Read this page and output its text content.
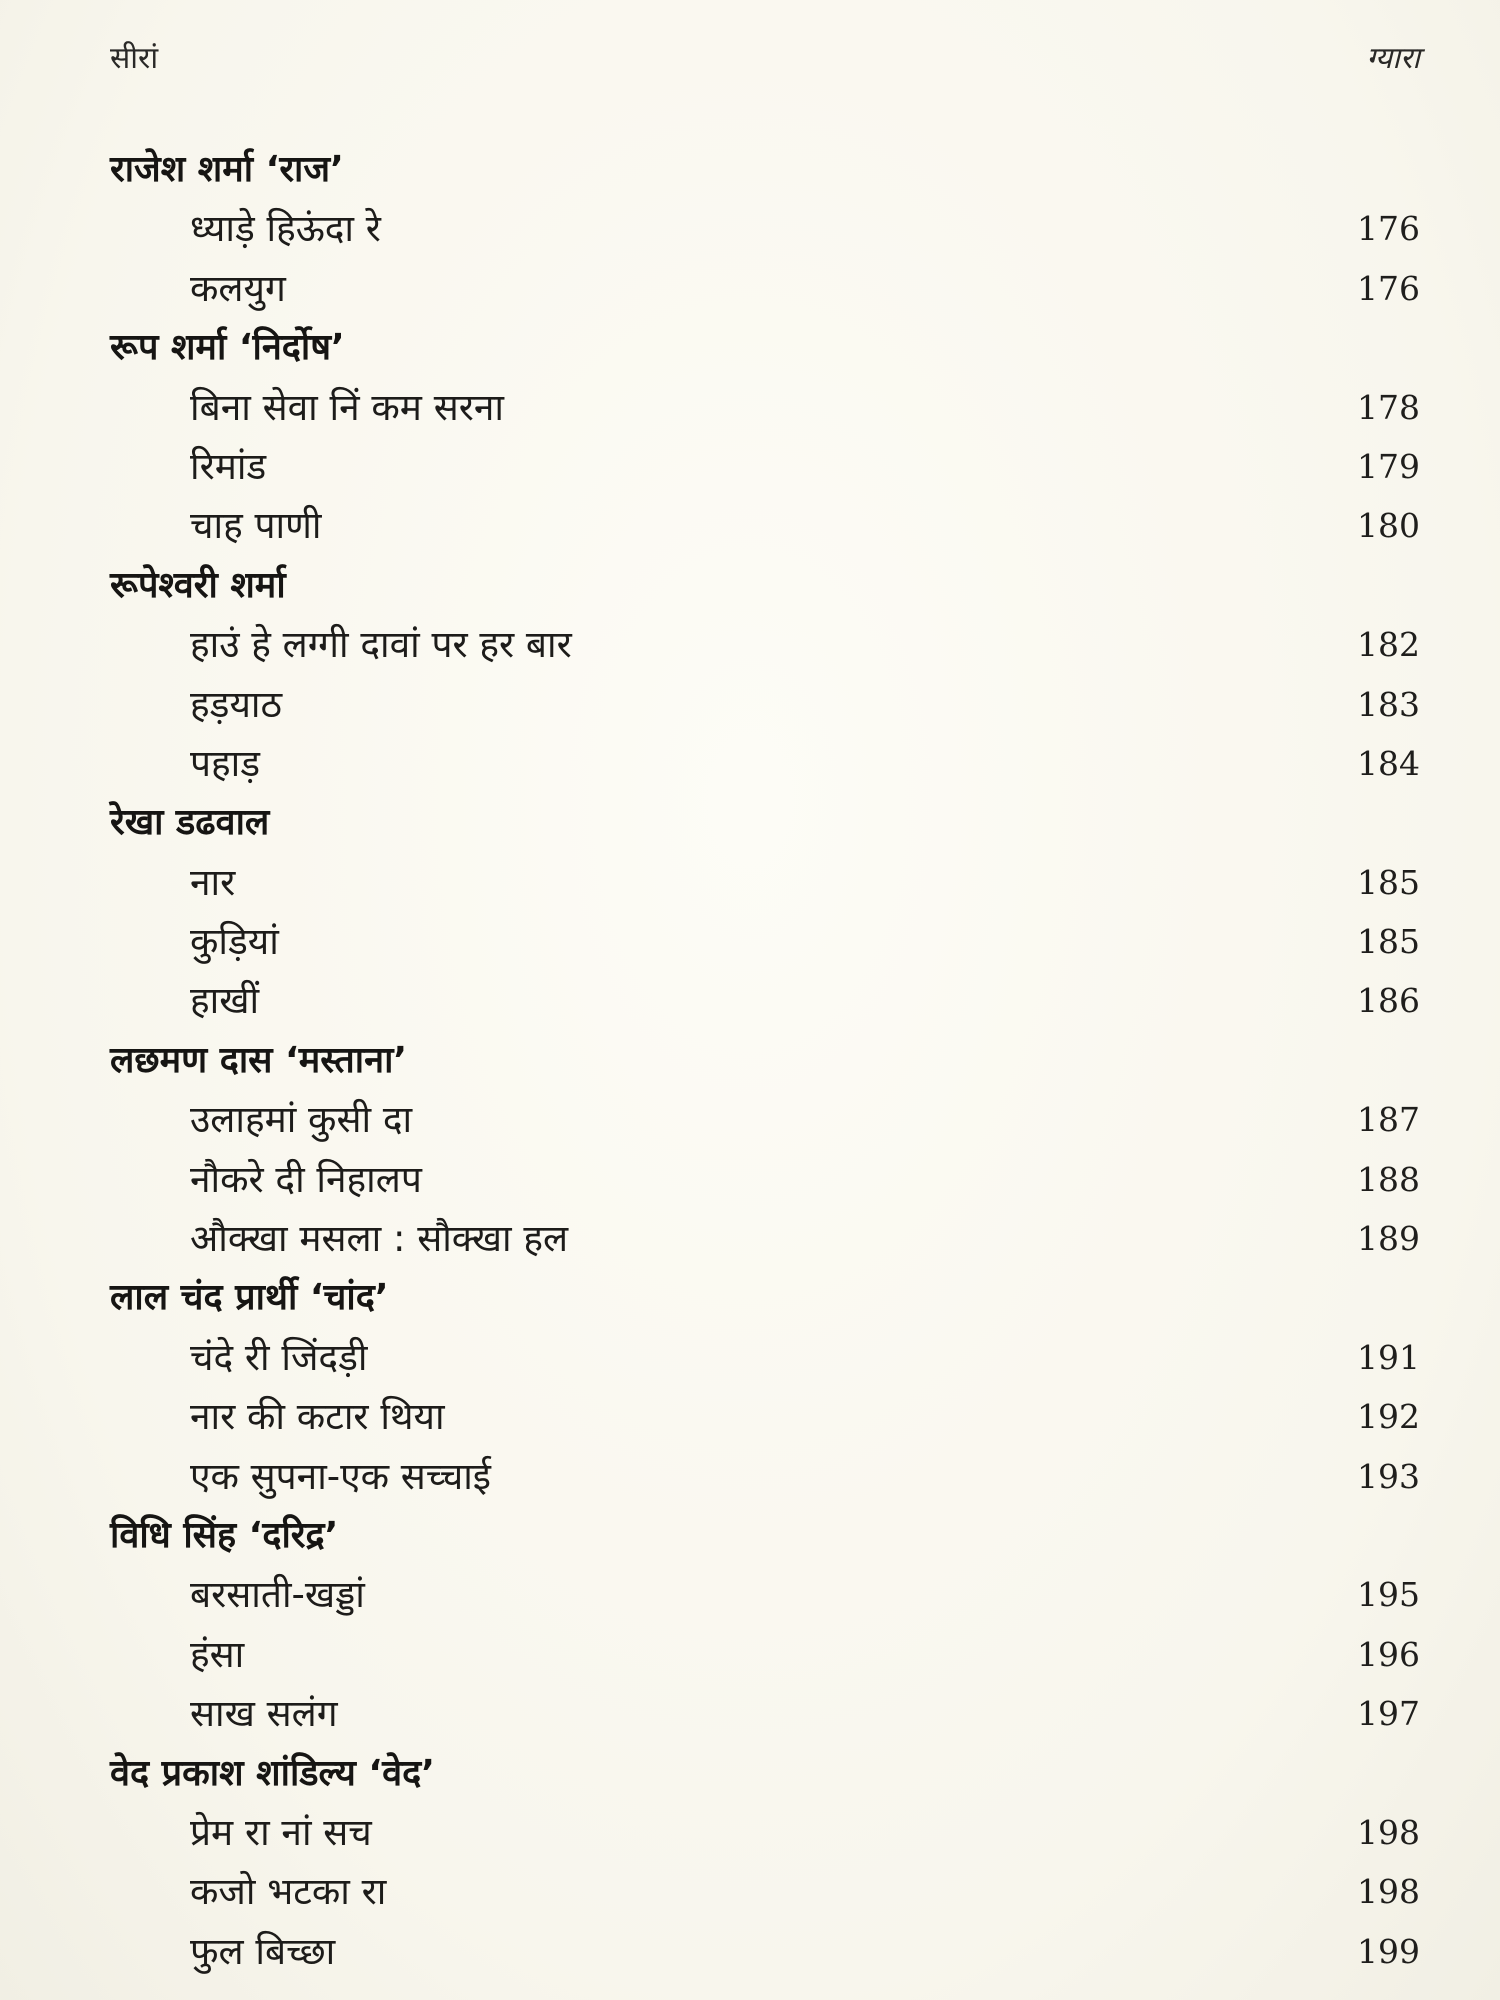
सीरां	ग्यारा
राजेश शर्मा ‘राज’
ध्याड़े हिऊंदा रे	176
कलयुग	176
रूप शर्मा ‘निर्दोष’
बिना सेवा निं कम सरना	178
रिमांड	179
चाह पाणी	180
रूपेश्वरी शर्मा
हाउं हे लग्गी दावां पर हर बार	182
हड़याठ	183
पहाड़	184
रेखा डढवाल
नार	185
कुड़ियां	185
हाखीं	186
लछमण दास ‘मस्ताना’
उलाहमां कुसी दा	187
नौकरे दी निहालप	188
औक्खा मसला : सौक्खा हल	189
लाल चंद प्रार्थी ‘चांद’
चंदे री जिंदड़ी	191
नार की कटार थिया	192
एक सुपना-एक सच्चाई	193
विधि सिंह ‘दरिद्र’
बरसाती-खड्डां	195
हंसा	196
साख सलंग	197
वेद प्रकाश शांडिल्य ‘वेद’
प्रेम रा नां सच	198
कजो भटका रा	198
फुल बिच्छा	199
